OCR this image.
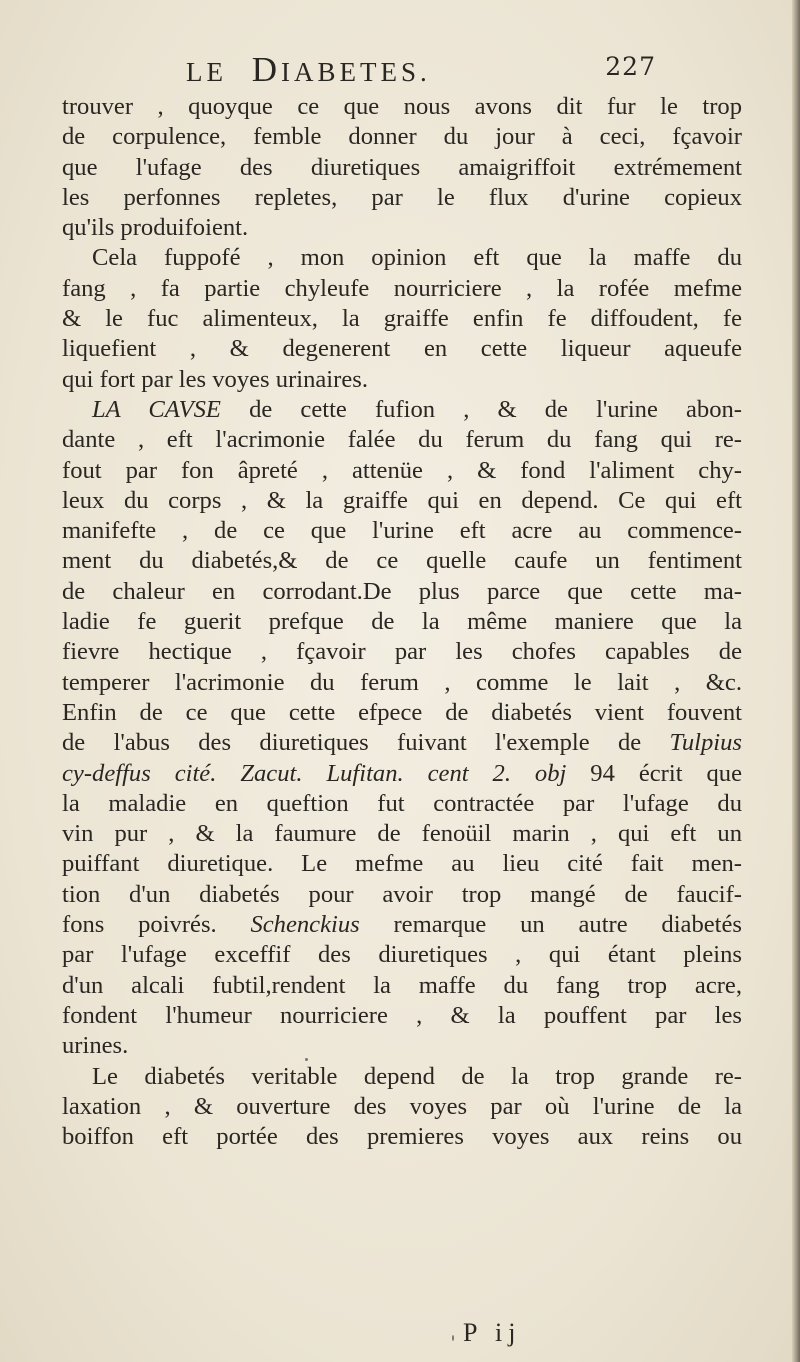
LE DIABETES.	227
trouver , quoyque ce que nous avons dit fur le trop
de corpulence, femble donner du jour à ceci, fçavoir
que l'ufage des diuretiques amaigriffoit extrémement
les perfonnes repletes, par le flux d'urine copieux
qu'ils produifoient.
Cela fuppofé , mon opinion eft que la maffe du
fang , fa partie chyleufe nourriciere , la rofée mefme
& le fuc alimenteux, la graiffe enfin fe diffoudent, fe
liquefient , & degenerent en cette liqueur aqueufe
qui fort par les voyes urinaires.
LA CAVSE de cette fufion , & de l'urine abon-
dante , eft l'acrimonie falée du ferum du fang qui re-
fout par fon âpreté , attenüe , & fond l'aliment chy-
leux du corps , & la graiffe qui en depend. Ce qui eft
manifefte , de ce que l'urine eft acre au commence-
ment du diabetés,& de ce quelle caufe un fentiment
de chaleur en corrodant.De plus parce que cette ma-
ladie fe guerit prefque de la même maniere que la
fievre hectique , fçavoir par les chofes capables de
temperer l'acrimonie du ferum , comme le lait , &c.
Enfin de ce que cette efpece de diabetés vient fouvent
de l'abus des diuretiques fuivant l'exemple de Tulpius
cy-deffus cité. Zacut. Lufitan. cent 2. obj 94 écrit que
la maladie en queftion fut contractée par l'ufage du
vin pur , & la faumure de fenoüil marin , qui eft un
puiffant diuretique. Le mefme au lieu cité fait men-
tion d'un diabetés pour avoir trop mangé de faucif-
fons poivrés. Schenckius remarque un autre diabetés
par l'ufage exceffif des diuretiques , qui étant pleins
d'un alcali fubtil,rendent la maffe du fang trop acre,
fondent l'humeur nourriciere , & la pouffent par les
urines.
Le diabetés veritable depend de la trop grande re-
laxation , & ouverture des voyes par où l'urine de la
boiffon eft portée des premieres voyes aux reins ou
P ij
